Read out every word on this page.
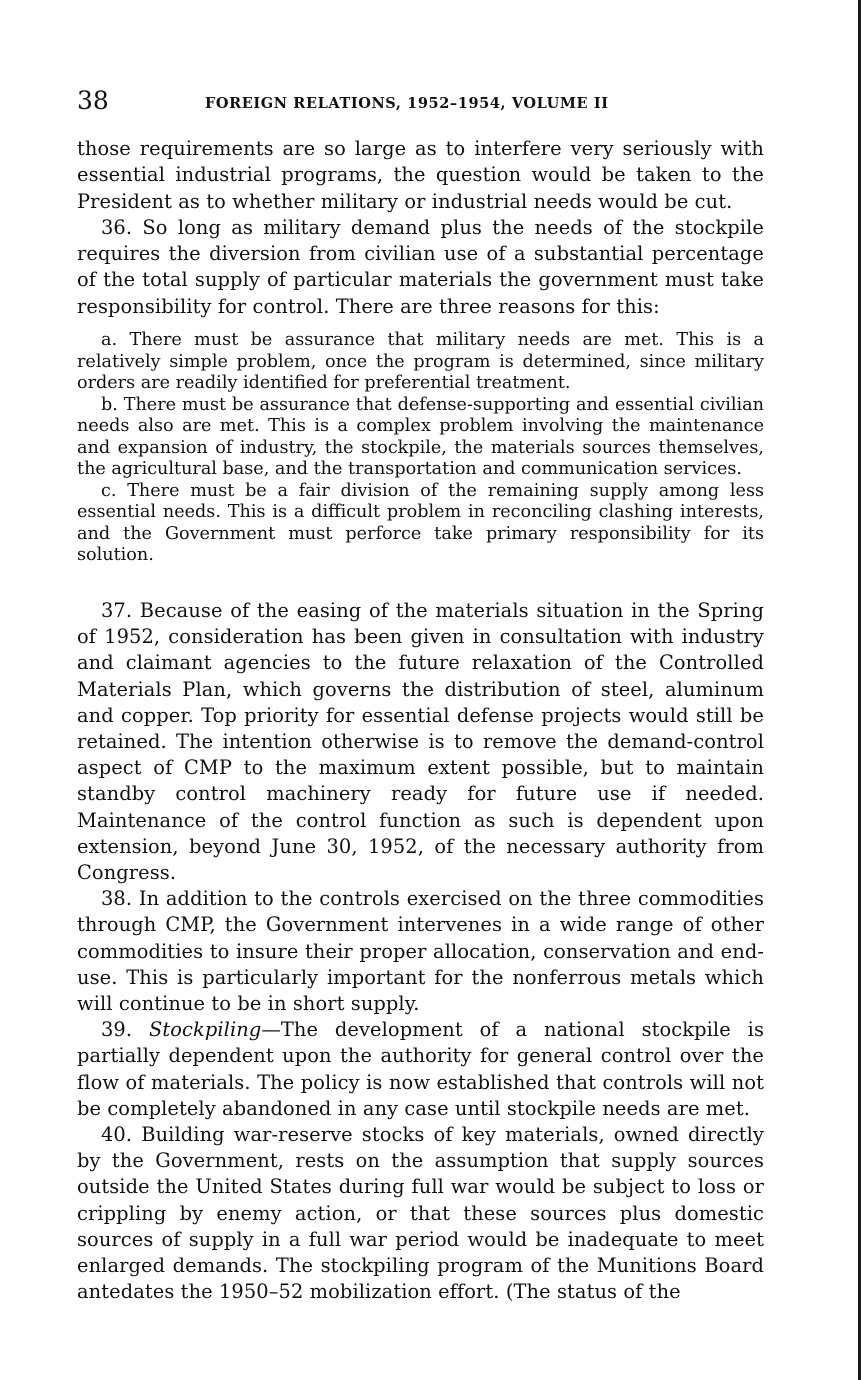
38	FOREIGN RELATIONS, 1952–1954, VOLUME II

those requirements are so large as to interfere very seriously with essential industrial programs, the question would be taken to the President as to whether military or industrial needs would be cut.

36. So long as military demand plus the needs of the stockpile requires the diversion from civilian use of a substantial percentage of the total supply of particular materials the government must take responsibility for control. There are three reasons for this:

a. There must be assurance that military needs are met. This is a relatively simple problem, once the program is determined, since military orders are readily identified for preferential treatment.

b. There must be assurance that defense-supporting and essential civilian needs also are met. This is a complex problem involving the maintenance and expansion of industry, the stockpile, the materials sources themselves, the agricultural base, and the transportation and communication services.

c. There must be a fair division of the remaining supply among less essential needs. This is a difficult problem in reconciling clashing interests, and the Government must perforce take primary responsibility for its solution.

37. Because of the easing of the materials situation in the Spring of 1952, consideration has been given in consultation with industry and claimant agencies to the future relaxation of the Controlled Materials Plan, which governs the distribution of steel, aluminum and copper. Top priority for essential defense projects would still be retained. The intention otherwise is to remove the demand-control aspect of CMP to the maximum extent possible, but to maintain standby control machinery ready for future use if needed. Maintenance of the control function as such is dependent upon extension, beyond June 30, 1952, of the necessary authority from Congress.

38. In addition to the controls exercised on the three commodities through CMP, the Government intervenes in a wide range of other commodities to insure their proper allocation, conservation and end-use. This is particularly important for the nonferrous metals which will continue to be in short supply.

39. Stockpiling—The development of a national stockpile is partially dependent upon the authority for general control over the flow of materials. The policy is now established that controls will not be completely abandoned in any case until stockpile needs are met.

40. Building war-reserve stocks of key materials, owned directly by the Government, rests on the assumption that supply sources outside the United States during full war would be subject to loss or crippling by enemy action, or that these sources plus domestic sources of supply in a full war period would be inadequate to meet enlarged demands. The stockpiling program of the Munitions Board antedates the 1950–52 mobilization effort. (The status of the
